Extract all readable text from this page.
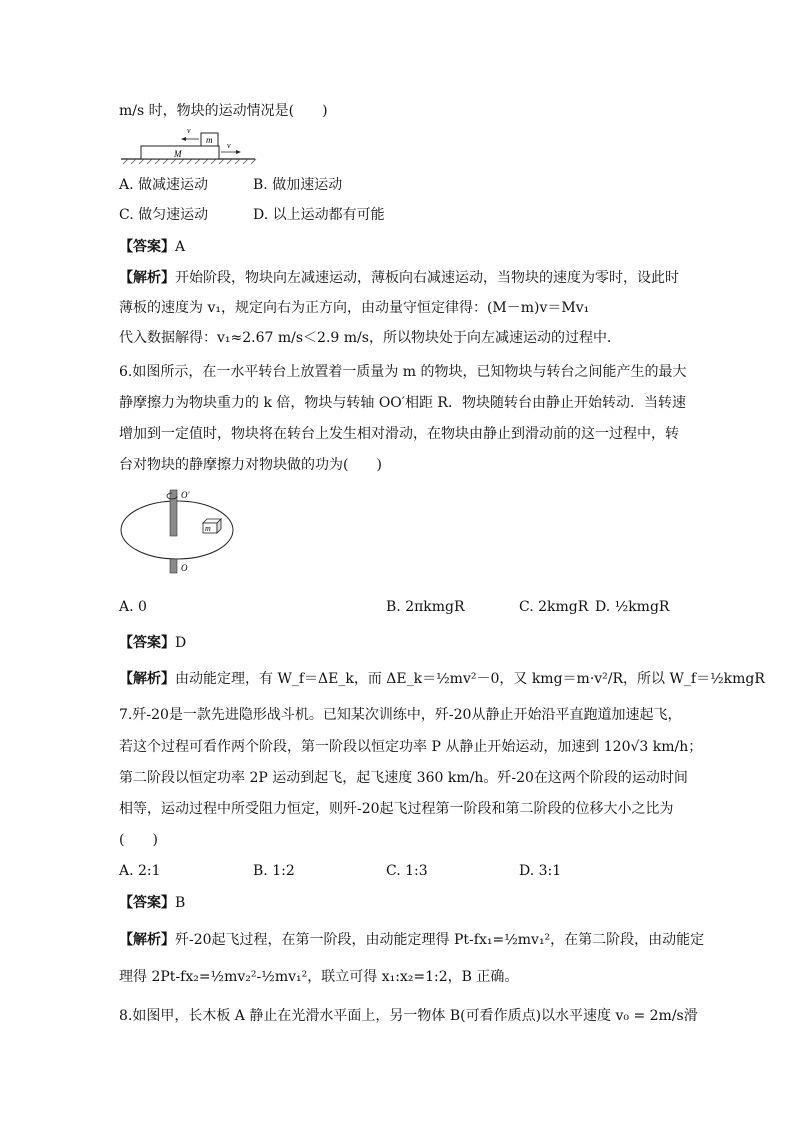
m/s 时，物块的运动情况是(　　)
M
m
v
v
A. 做减速运动	B. 做加速运动
C. 做匀速运动	D. 以上运动都有可能
【答案】A
【解析】开始阶段，物块向左减速运动，薄板向右减速运动，当物块的速度为零时，设此时
薄板的速度为 v₁，规定向右为正方向，由动量守恒定律得：(M－m)v＝Mv₁
代入数据解得：v₁≈2.67 m/s＜2.9 m/s，所以物块处于向左减速运动的过程中．
6.如图所示，在一水平转台上放置着一质量为 m 的物块，已知物块与转台之间能产生的最大
静摩擦力为物块重力的 k 倍，物块与转轴 OO′相距 R．物块随转台由静止开始转动．当转速
增加到一定值时，物块将在转台上发生相对滑动，在物块由静止到滑动前的这一过程中，转
台对物块的静摩擦力对物块做的功为(　　)
O′
O
m
A. 0	B. 2πkmgR	C. 2kmgR D. ½kmgR
【答案】D
【解析】由动能定理，有 W_f＝ΔE_k，而 ΔE_k＝½mv²－0，又 kmg＝m·v²/R，所以 W_f＝½kmgR
7.歼-20是一款先进隐形战斗机。已知某次训练中，歼-20从静止开始沿平直跑道加速起飞，
若这个过程可看作两个阶段，第一阶段以恒定功率 P 从静止开始运动，加速到 120√3 km/h；
第二阶段以恒定功率 2P 运动到起飞，起飞速度 360 km/h。歼-20在这两个阶段的运动时间
相等，运动过程中所受阻力恒定，则歼-20起飞过程第一阶段和第二阶段的位移大小之比为
(　　)
A. 2:1	B. 1:2	C. 1:3	D. 3:1
【答案】B
【解析】歼-20起飞过程，在第一阶段，由动能定理得 Pt-fx₁=½mv₁²，在第二阶段，由动能定
理得 2Pt-fx₂=½mv₂²-½mv₁²，联立可得 x₁:x₂=1:2，B 正确。
8.如图甲，长木板 A 静止在光滑水平面上，另一物体 B(可看作质点)以水平速度 v₀ = 2m/s滑
